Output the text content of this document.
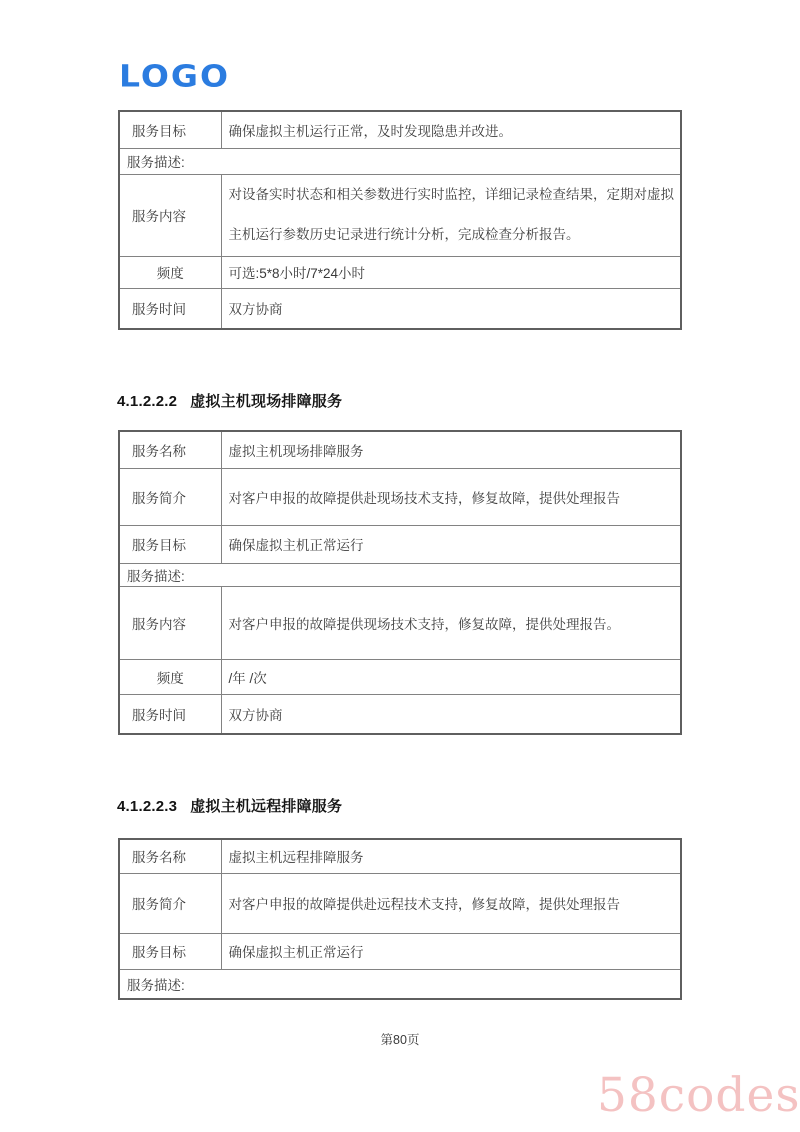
LOGO
服务目标	确保虚拟主机运行正常，及时发现隐患并改进。
服务描述:	
服务内容	对设备实时状态和相关参数进行实时监控，详细记录检查结果，定期对虚拟主机运行参数历史记录进行统计分析，完成检查分析报告。
频度	可选:5*8小时/7*24小时
服务时间	双方协商
4.1.2.2.2 虚拟主机现场排障服务
服务名称	虚拟主机现场排障服务
服务简介	对客户申报的故障提供赴现场技术支持，修复故障，提供处理报告
服务目标	确保虚拟主机正常运行
服务描述:	
服务内容	对客户申报的故障提供现场技术支持，修复故障，提供处理报告。
频度	/年 /次
服务时间	双方协商
4.1.2.2.3 虚拟主机远程排障服务
服务名称	虚拟主机远程排障服务
服务简介	对客户申报的故障提供赴远程技术支持，修复故障，提供处理报告
服务目标	确保虚拟主机正常运行
服务描述:	
第80页
58codes
